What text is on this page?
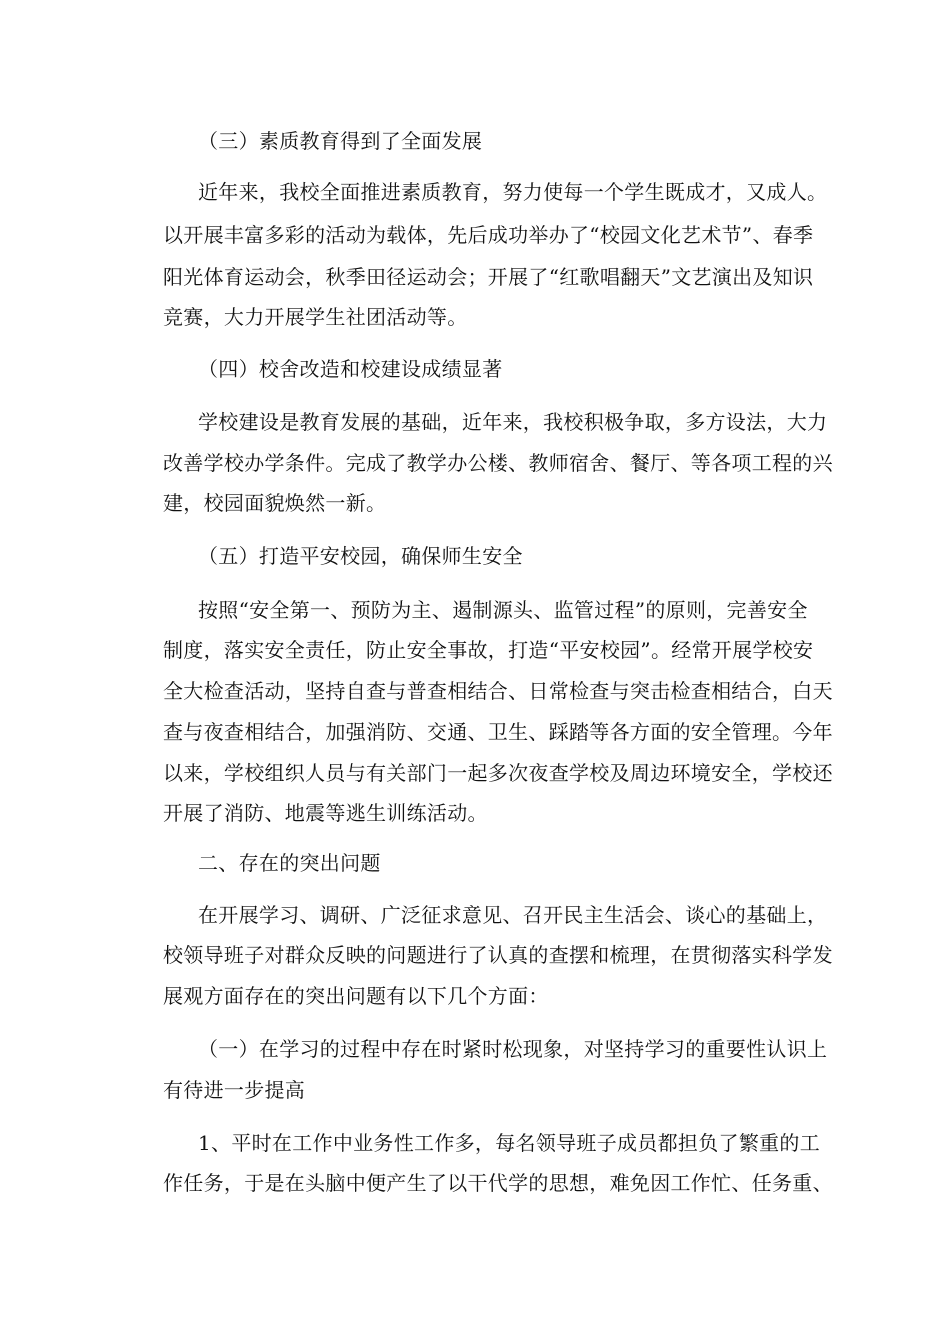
（三）素质教育得到了全面发展
近年来，我校全面推进素质教育，努力使每一个学生既成才，又成人。
以开展丰富多彩的活动为载体，先后成功举办了“校园文化艺术节”、春季
阳光体育运动会，秋季田径运动会；开展了“红歌唱翻天”文艺演出及知识
竞赛，大力开展学生社团活动等。
（四）校舍改造和校建设成绩显著
学校建设是教育发展的基础，近年来，我校积极争取，多方设法，大力
改善学校办学条件。完成了教学办公楼、教师宿舍、餐厅、等各项工程的兴
建，校园面貌焕然一新。
（五）打造平安校园，确保师生安全
按照“安全第一、预防为主、遏制源头、监管过程”的原则，完善安全
制度，落实安全责任，防止安全事故，打造“平安校园”。经常开展学校安
全大检查活动，坚持自查与普查相结合、日常检查与突击检查相结合，白天
查与夜查相结合，加强消防、交通、卫生、踩踏等各方面的安全管理。今年
以来，学校组织人员与有关部门一起多次夜查学校及周边环境安全，学校还
开展了消防、地震等逃生训练活动。
二、存在的突出问题
在开展学习、调研、广泛征求意见、召开民主生活会、谈心的基础上，
校领导班子对群众反映的问题进行了认真的查摆和梳理，在贯彻落实科学发
展观方面存在的突出问题有以下几个方面：
（一）在学习的过程中存在时紧时松现象，对坚持学习的重要性认识上
有待进一步提高
1、平时在工作中业务性工作多，每名领导班子成员都担负了繁重的工
作任务，于是在头脑中便产生了以干代学的思想，难免因工作忙、任务重、
